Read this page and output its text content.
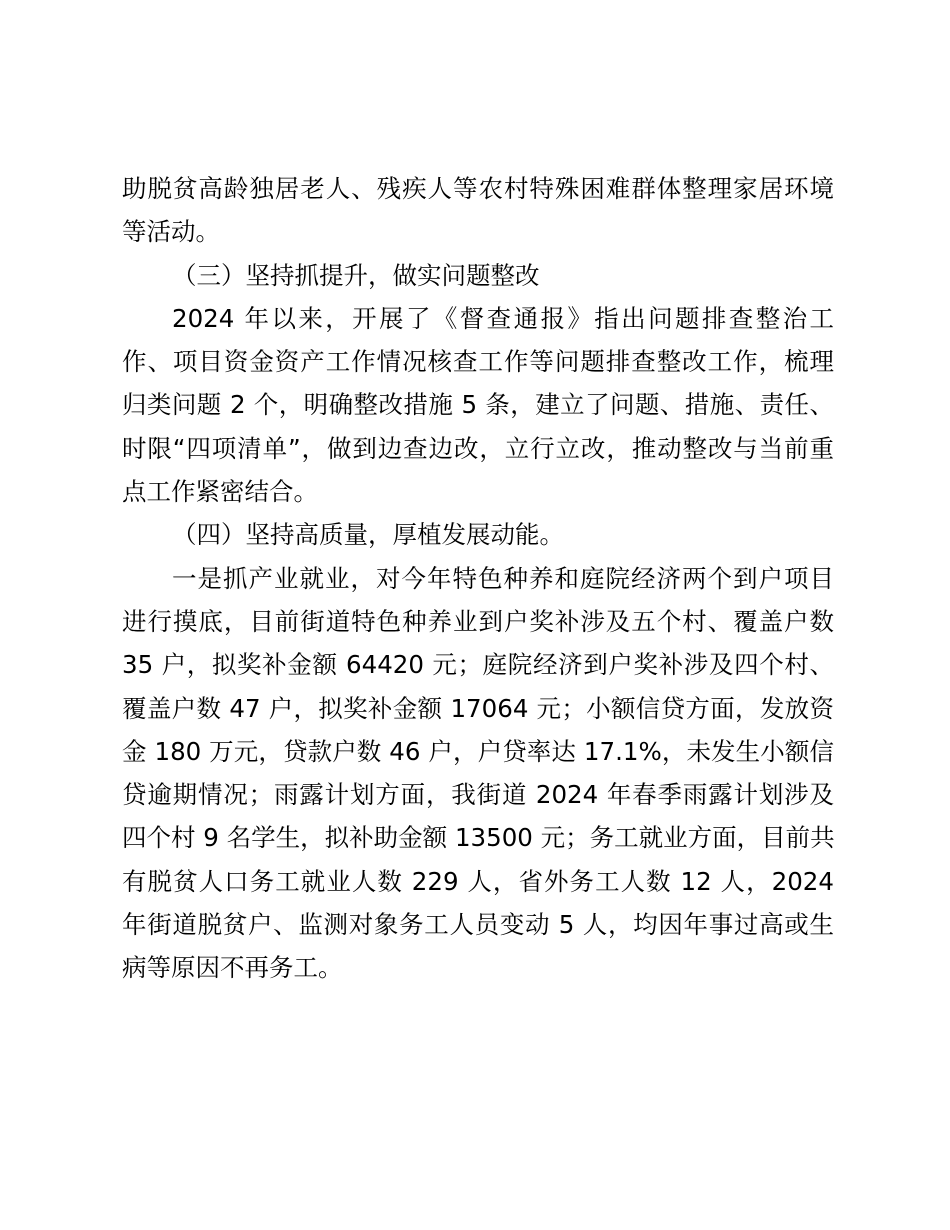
助脱贫高龄独居老人、残疾人等农村特殊困难群体整理家居环境
等活动。
（三）坚持抓提升，做实问题整改
2024 年以来，开展了《督查通报》指出问题排查整治工
作、项目资金资产工作情况核查工作等问题排查整改工作，梳理
归类问题 2 个，明确整改措施 5 条，建立了问题、措施、责任、
时限“四项清单”，做到边查边改，立行立改，推动整改与当前重
点工作紧密结合。
（四）坚持高质量，厚植发展动能。
一是抓产业就业，对今年特色种养和庭院经济两个到户项目
进行摸底，目前街道特色种养业到户奖补涉及五个村、覆盖户数
35 户，拟奖补金额 64420 元；庭院经济到户奖补涉及四个村、
覆盖户数 47 户，拟奖补金额 17064 元；小额信贷方面，发放资
金 180 万元，贷款户数 46 户，户贷率达 17.1%，未发生小额信
贷逾期情况；雨露计划方面，我街道 2024 年春季雨露计划涉及
四个村 9 名学生，拟补助金额 13500 元；务工就业方面，目前共
有脱贫人口务工就业人数 229 人，省外务工人数 12 人，2024
年街道脱贫户、监测对象务工人员变动 5 人，均因年事过高或生
病等原因不再务工。
